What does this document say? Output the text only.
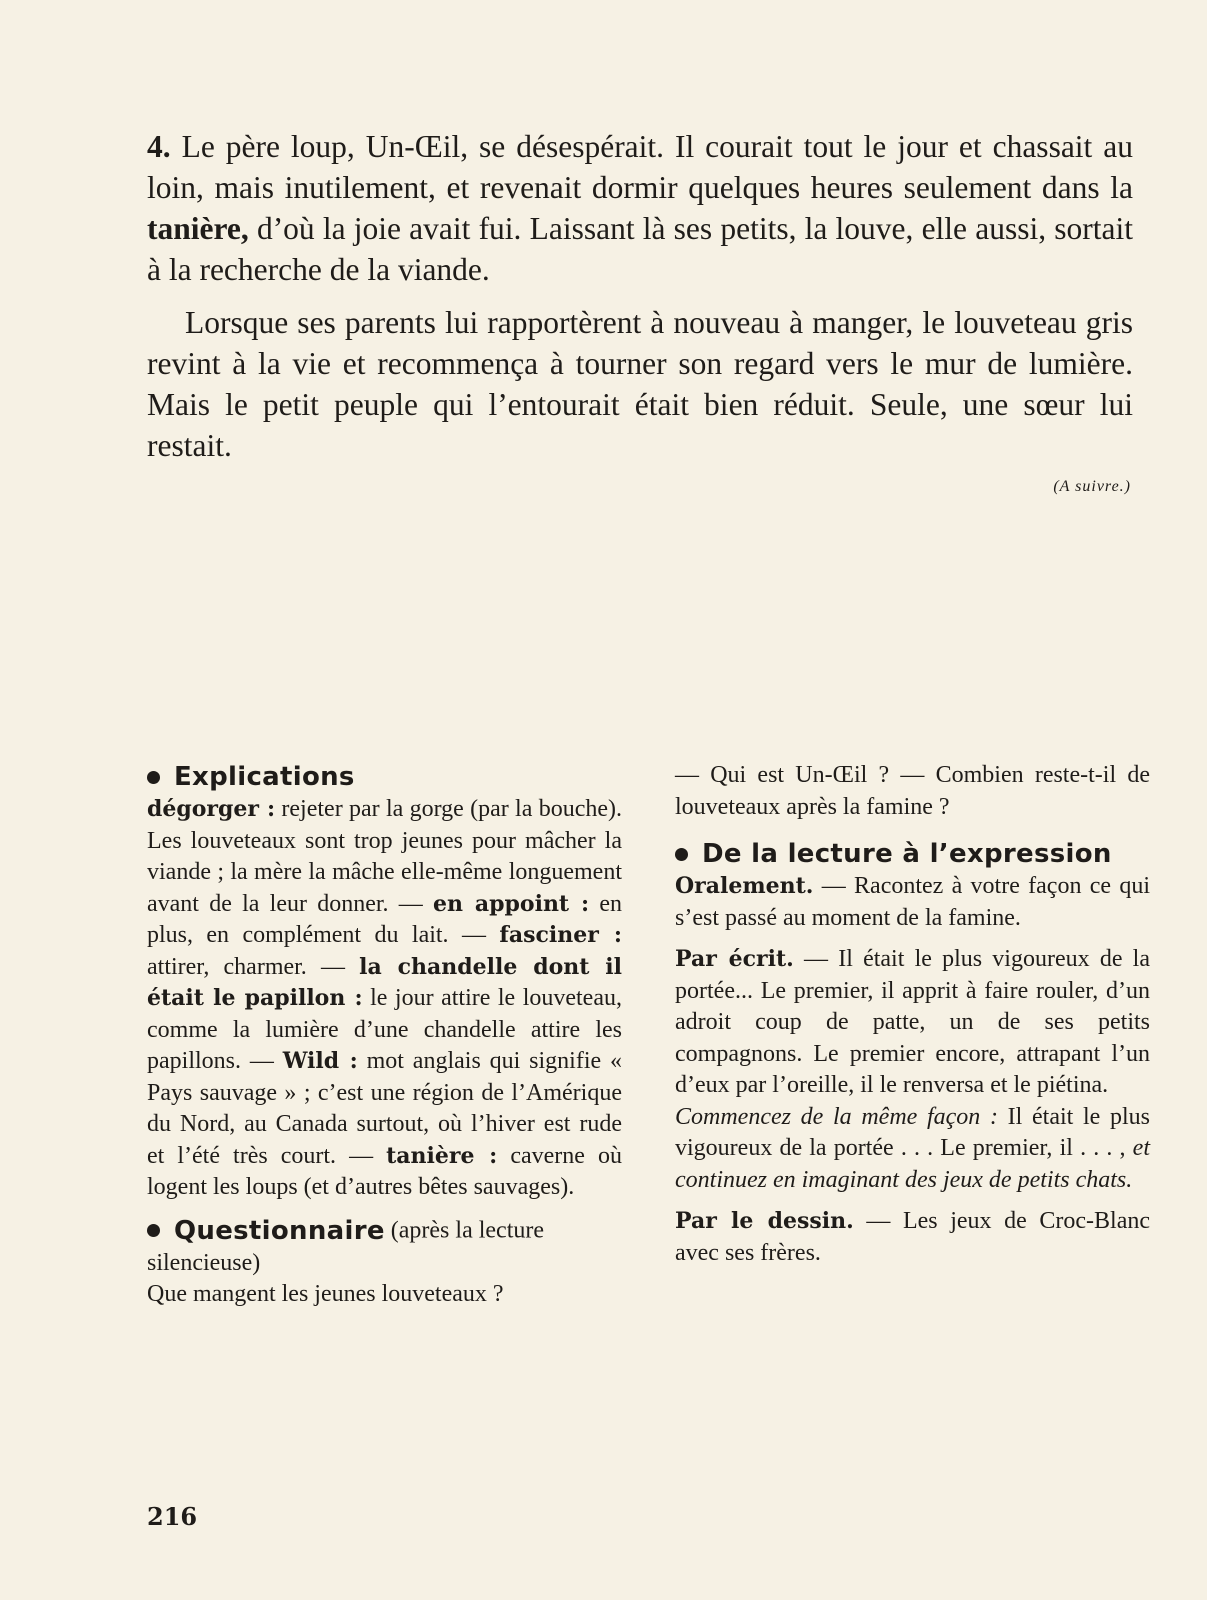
4. Le père loup, Un-Œil, se désespérait. Il courait tout le jour et chassait au loin, mais inutilement, et revenait dormir quelques heures seulement dans la tanière, d’où la joie avait fui. Laissant là ses petits, la louve, elle aussi, sortait à la recherche de la viande.

Lorsque ses parents lui rapportèrent à nouveau à manger, le louveteau gris revint à la vie et recommença à tourner son regard vers le mur de lumière. Mais le petit peuple qui l’entourait était bien réduit. Seule, une sœur lui restait.

(A suivre.)
Explications

dégorger : rejeter par la gorge (par la bouche). Les louveteaux sont trop jeunes pour mâcher la viande ; la mère la mâche elle-même longuement avant de la leur donner. — en appoint : en plus, en complément du lait. — fasciner : attirer, charmer. — la chandelle dont il était le papillon : le jour attire le louveteau, comme la lumière d’une chandelle attire les papillons. — Wild : mot anglais qui signifie « Pays sauvage » ; c’est une région de l’Amérique du Nord, au Canada surtout, où l’hiver est rude et l’été très court. — tanière : caverne où logent les loups (et d’autres bêtes sauvages).

Questionnaire (après la lecture silencieuse)

Que mangent les jeunes louveteaux ?

— Qui est Un-Œil ? — Combien reste-t-il de louveteaux après la famine ?

De la lecture à l’expression

Oralement. — Racontez à votre façon ce qui s’est passé au moment de la famine.

Par écrit. — Il était le plus vigoureux de la portée... Le premier, il apprit à faire rouler, d’un adroit coup de patte, un de ses petits compagnons. Le premier encore, attrapant l’un d’eux par l’oreille, il le renversa et le piétina.

Commencez de la même façon : Il était le plus vigoureux de la portée . . . Le premier, il . . . , et continuez en imaginant des jeux de petits chats.

Par le dessin. — Les jeux de Croc-Blanc avec ses frères.

216
